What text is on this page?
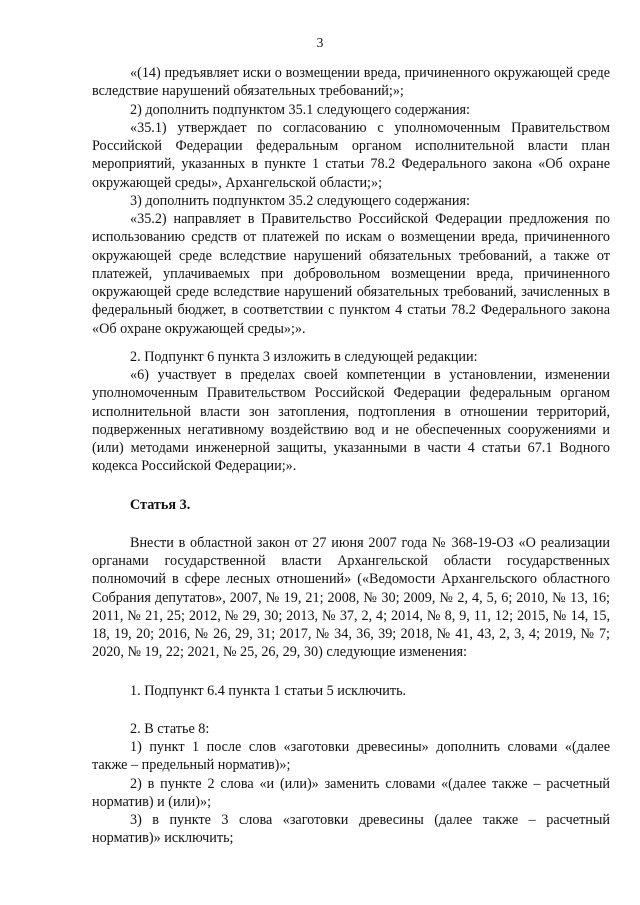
3

«(14) предъявляет иски о возмещении вреда, причиненного окружающей среде вследствие нарушений обязательных требований;»;

2) дополнить подпунктом 35.1 следующего содержания:

«35.1) утверждает по согласованию с уполномоченным Правительством Российской Федерации федеральным органом исполнительной власти план мероприятий, указанных в пункте 1 статьи 78.2 Федерального закона «Об охране окружающей среды», Архангельской области;»;

3) дополнить подпунктом 35.2 следующего содержания:

«35.2) направляет в Правительство Российской Федерации предложения по использованию средств от платежей по искам о возмещении вреда, причиненного окружающей среде вследствие нарушений обязательных требований, а также от платежей, уплачиваемых при добровольном возмещении вреда, причиненного окружающей среде вследствие нарушений обязательных требований, зачисленных в федеральный бюджет, в соответствии с пунктом 4 статьи 78.2 Федерального закона «Об охране окружающей среды»;».

2. Подпункт 6 пункта 3 изложить в следующей редакции:

«6) участвует в пределах своей компетенции в установлении, изменении уполномоченным Правительством Российской Федерации федеральным органом исполнительной власти зон затопления, подтопления в отношении территорий, подверженных негативному воздействию вод и не обеспеченных сооружениями и (или) методами инженерной защиты, указанными в части 4 статьи 67.1 Водного кодекса Российской Федерации;».

Статья 3.

Внести в областной закон от 27 июня 2007 года № 368-19-ОЗ «О реализации органами государственной власти Архангельской области государственных полномочий в сфере лесных отношений» («Ведомости Архангельского областного Собрания депутатов», 2007, № 19, 21; 2008, № 30; 2009, № 2, 4, 5, 6; 2010, № 13, 16; 2011, № 21, 25; 2012, № 29, 30; 2013, № 37, 2, 4; 2014, № 8, 9, 11, 12; 2015, № 14, 15, 18, 19, 20; 2016, № 26, 29, 31; 2017, № 34, 36, 39; 2018, № 41, 43, 2, 3, 4; 2019, № 7; 2020, № 19, 22; 2021, № 25, 26, 29, 30) следующие изменения:

1. Подпункт 6.4 пункта 1 статьи 5 исключить.

2. В статье 8:

1) пункт 1 после слов «заготовки древесины» дополнить словами «(далее также – предельный норматив)»;

2) в пункте 2 слова «и (или)» заменить словами «(далее также – расчетный норматив) и (или)»;

3) в пункте 3 слова «заготовки древесины (далее также – расчетный норматив)» исключить;
